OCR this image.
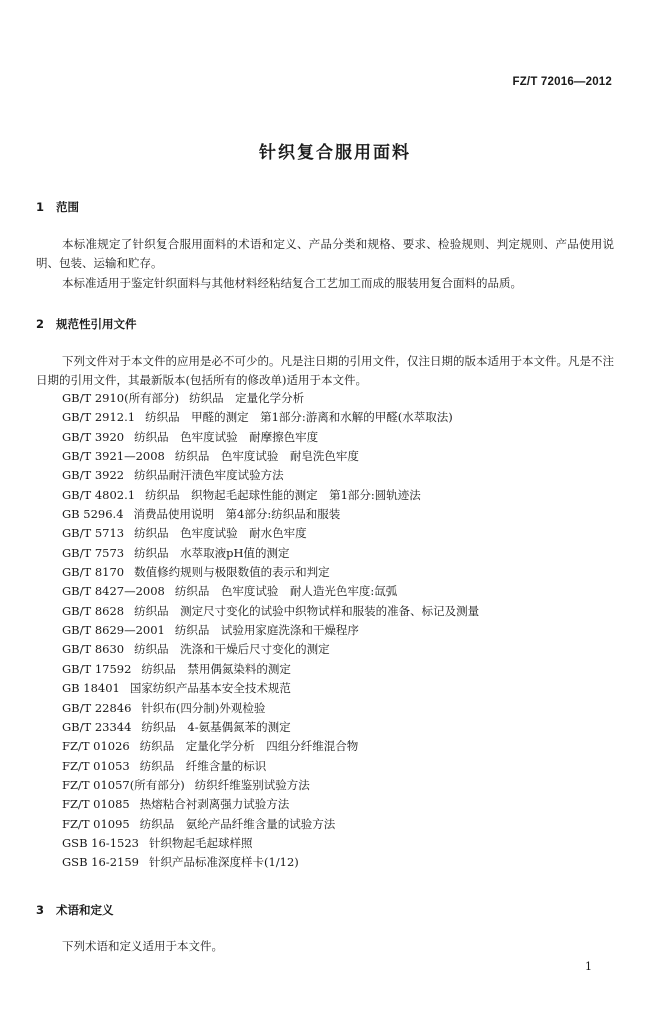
FZ/T 72016—2012
针织复合服用面料
1 范围

本标准规定了针织复合服用面料的术语和定义、产品分类和规格、要求、检验规则、判定规则、产品使用说明、包装、运输和贮存。

本标准适用于鉴定针织面料与其他材料经粘结复合工艺加工而成的服装用复合面料的品质。

2 规范性引用文件

下列文件对于本文件的应用是必不可少的。凡是注日期的引用文件，仅注日期的版本适用于本文件。凡是不注日期的引用文件，其最新版本(包括所有的修改单)适用于本文件。

GB/T 2910(所有部分) 纺织品　定量化学分析
GB/T 2912.1 纺织品　甲醛的测定　第1部分:游离和水解的甲醛(水萃取法)
GB/T 3920 纺织品　色牢度试验　耐摩擦色牢度
GB/T 3921—2008 纺织品　色牢度试验　耐皂洗色牢度
GB/T 3922 纺织品耐汗渍色牢度试验方法
GB/T 4802.1 纺织品　织物起毛起球性能的测定　第1部分:圆轨迹法
GB 5296.4 消费品使用说明　第4部分:纺织品和服装
GB/T 5713 纺织品　色牢度试验　耐水色牢度
GB/T 7573 纺织品　水萃取液pH值的测定
GB/T 8170 数值修约规则与极限数值的表示和判定
GB/T 8427—2008 纺织品　色牢度试验　耐人造光色牢度:氙弧
GB/T 8628 纺织品　测定尺寸变化的试验中织物试样和服装的准备、标记及测量
GB/T 8629—2001 纺织品　试验用家庭洗涤和干燥程序
GB/T 8630 纺织品　洗涤和干燥后尺寸变化的测定
GB/T 17592 纺织品　禁用偶氮染料的测定
GB 18401 国家纺织产品基本安全技术规范
GB/T 22846 针织布(四分制)外观检验
GB/T 23344 纺织品　4-氨基偶氮苯的测定
FZ/T 01026 纺织品　定量化学分析　四组分纤维混合物
FZ/T 01053 纺织品　纤维含量的标识
FZ/T 01057(所有部分) 纺织纤维鉴别试验方法
FZ/T 01085 热熔粘合衬剥离强力试验方法
FZ/T 01095 纺织品　氨纶产品纤维含量的试验方法
GSB 16-1523 针织物起毛起球样照
GSB 16-2159 针织产品标准深度样卡(1/12)
3 术语和定义

下列术语和定义适用于本文件。

1
